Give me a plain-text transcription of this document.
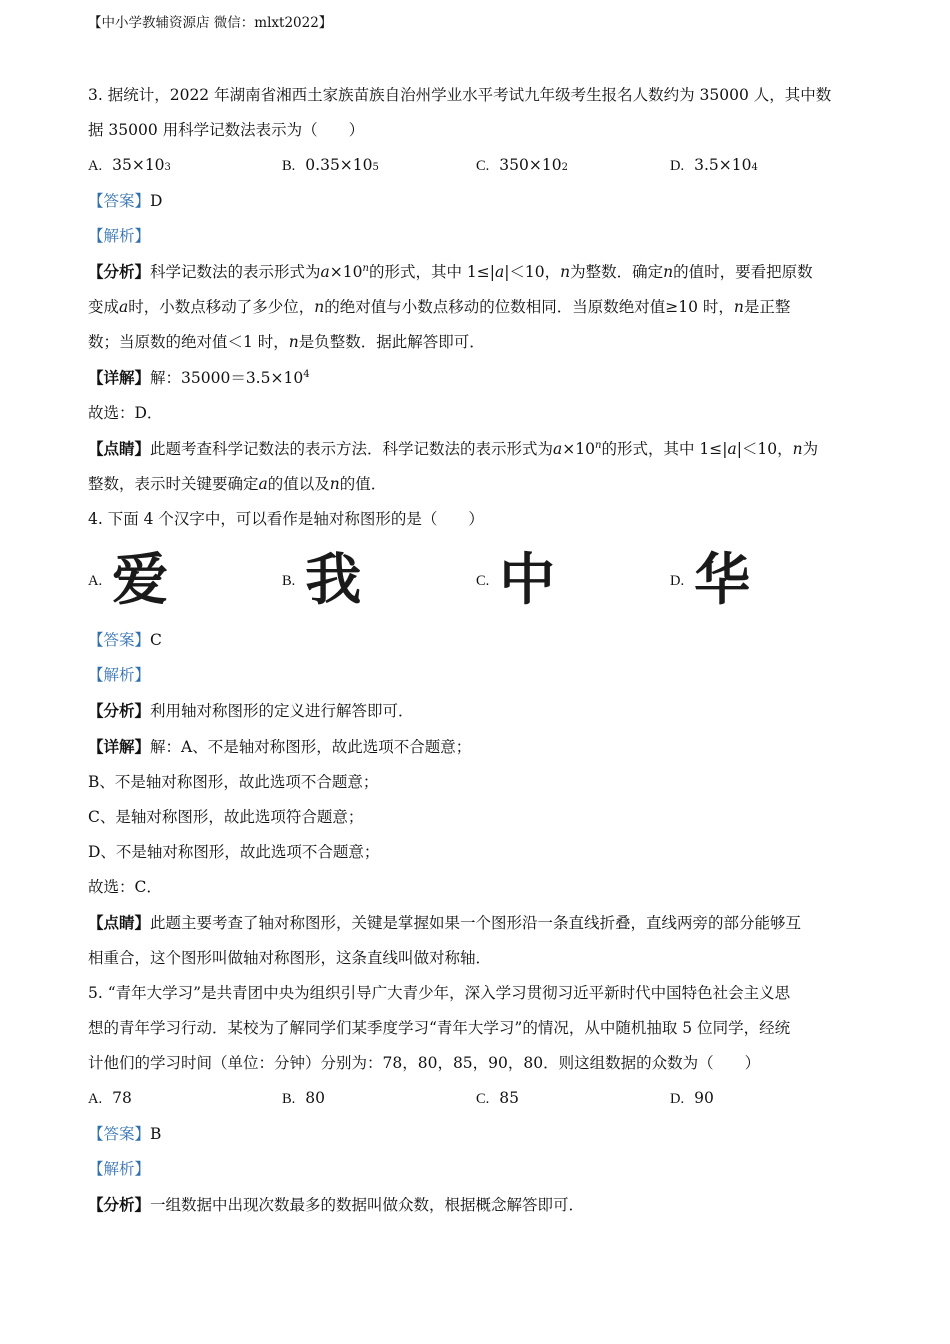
【中小学教辅资源店 微信：mlxt2022】
3. 据统计，2022 年湖南省湘西土家族苗族自治州学业水平考试九年级考生报名人数约为 35000 人，其中数
据 35000 用科学记数法表示为（　　）
A. 35×10 3	B. 0.35×10 5	C. 350×10 2	D. 3.5×10 4
【答案】D
【解析】
【分析】科学记数法的表示形式为$a\times 10^n$的形式，其中 1≤|a|＜10，n为整数．确定n的值时，要看把原数
变成a时，小数点移动了多少位，n的绝对值与小数点移动的位数相同．当原数绝对值≥10 时，n是正整
数；当原数的绝对值＜1 时，n是负整数．据此解答即可．
【详解】解：$35000=3.5\times 10^4$
故选：D．
【点睛】此题考查科学记数法的表示方法．科学记数法的表示形式为$a\times 10^n$的形式，其中 1≤|a|＜10，n为
整数，表示时关键要确定a的值以及n的值．
4. 下面 4 个汉字中，可以看作是轴对称图形的是（　　）
A. 爱	B. 我	C. 中	D. 华
【答案】C
【解析】
【分析】利用轴对称图形的定义进行解答即可．
【详解】解：A、不是轴对称图形，故此选项不合题意；
B、不是轴对称图形，故此选项不合题意；
C、是轴对称图形，故此选项符合题意；
D、不是轴对称图形，故此选项不合题意；
故选：C．
【点睛】此题主要考查了轴对称图形，关键是掌握如果一个图形沿一条直线折叠，直线两旁的部分能够互
相重合，这个图形叫做轴对称图形，这条直线叫做对称轴．
5. “青年大学习”是共青团中央为组织引导广大青少年，深入学习贯彻习近平新时代中国特色社会主义思
想的青年学习行动．某校为了解同学们某季度学习“青年大学习”的情况，从中随机抽取 5 位同学，经统
计他们的学习时间（单位：分钟）分别为：78，80，85，90，80．则这组数据的众数为（　　）
A. 78	B. 80	C. 85	D. 90
【答案】B
【解析】
【分析】一组数据中出现次数最多的数据叫做众数，根据概念解答即可．
